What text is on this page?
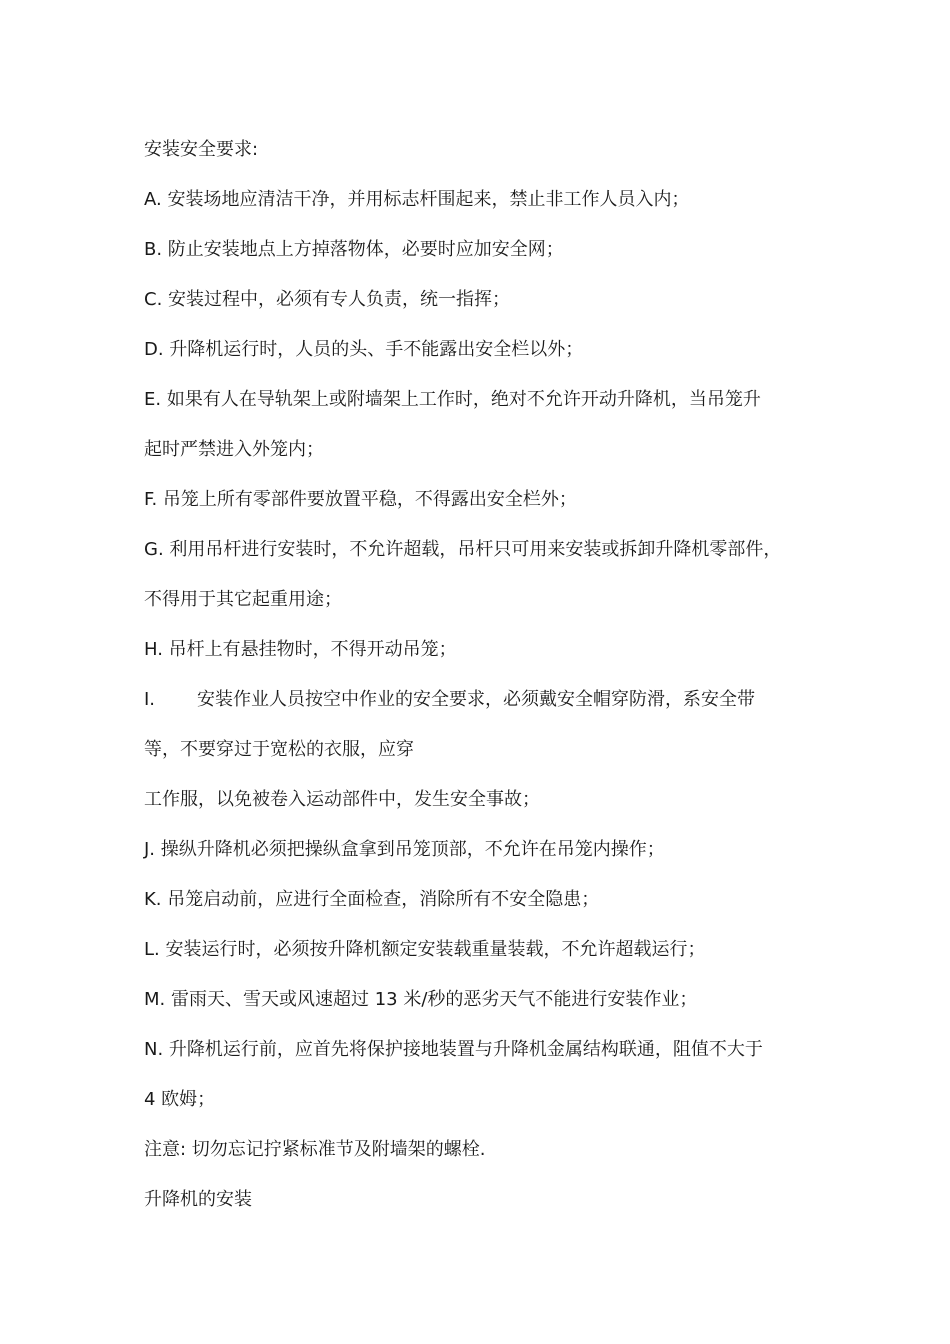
安装安全要求:
A. 安装场地应清洁干净，并用标志杆围起来，禁止非工作人员入内；
B. 防止安装地点上方掉落物体，必要时应加安全网；
C. 安装过程中，必须有专人负责，统一指挥；
D. 升降机运行时，人员的头、手不能露出安全栏以外；
E. 如果有人在导轨架上或附墙架上工作时，绝对不允许开动升降机，当吊笼升
起时严禁进入外笼内；
F. 吊笼上所有零部件要放置平稳，不得露出安全栏外；
G. 利用吊杆进行安装时，不允许超载，吊杆只可用来安装或拆卸升降机零部件，
不得用于其它起重用途；
H. 吊杆上有悬挂物时，不得开动吊笼；
I. 安装作业人员按空中作业的安全要求，必须戴安全帽穿防滑，系安全带
等，不要穿过于宽松的衣服，应穿
工作服，以免被卷入运动部件中，发生安全事故；
J. 操纵升降机必须把操纵盒拿到吊笼顶部，不允许在吊笼内操作；
K. 吊笼启动前，应进行全面检查，消除所有不安全隐患；
L. 安装运行时，必须按升降机额定安装载重量装载，不允许超载运行；
M. 雷雨天、雪天或风速超过 13 米/秒的恶劣天气不能进行安装作业；
N. 升降机运行前，应首先将保护接地装置与升降机金属结构联通，阻值不大于
4 欧姆；
注意: 切勿忘记拧紧标准节及附墙架的螺栓.
升降机的安装
